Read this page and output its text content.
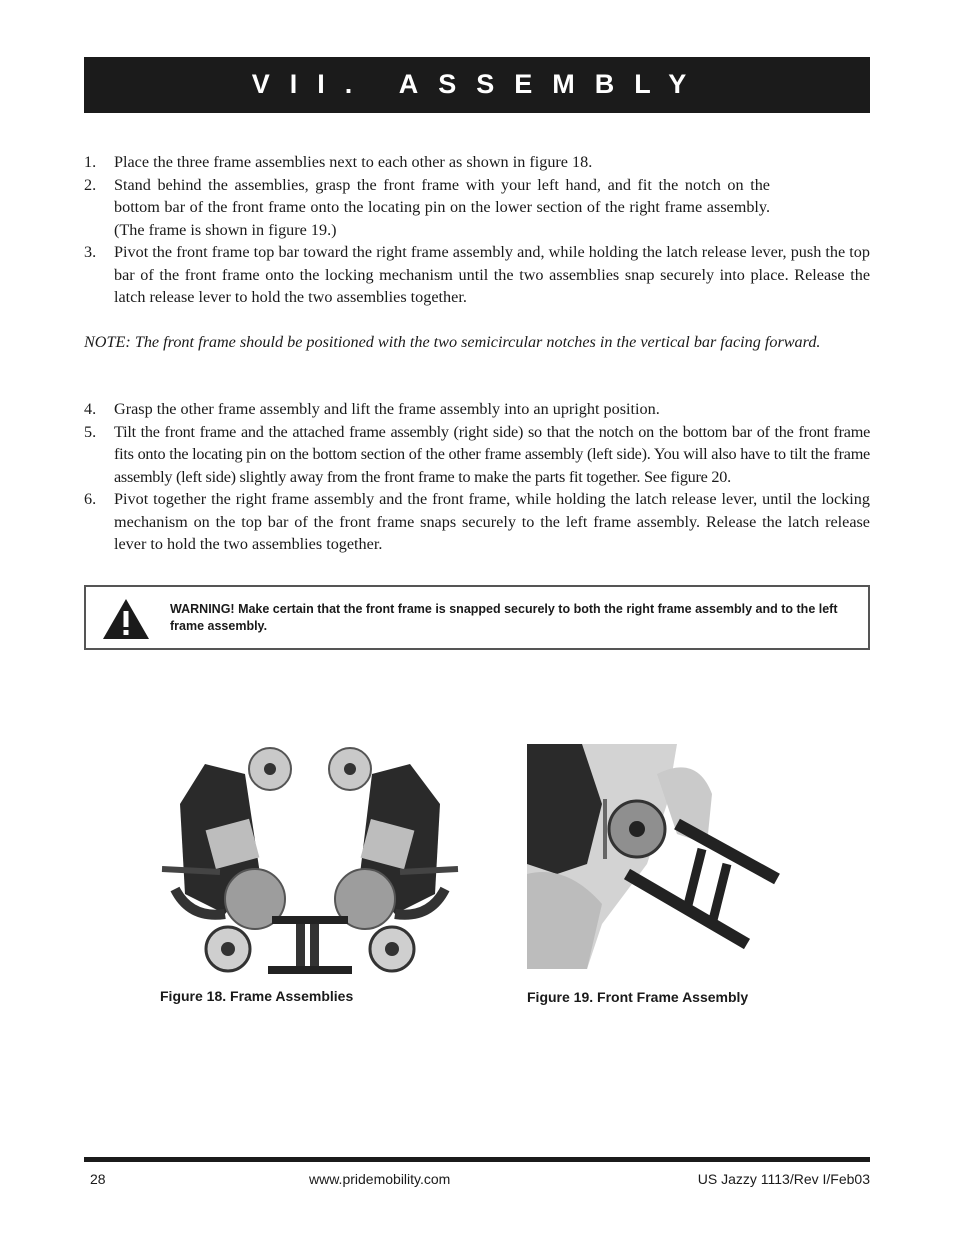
VII. ASSEMBLY
1. Place the three frame assemblies next to each other as shown in figure 18.
2. Stand behind the assemblies, grasp the front frame with your left hand, and fit the notch on the bottom bar of the front frame onto the locating pin on the lower section of the right frame assembly. (The frame is shown in figure 19.)
3. Pivot the front frame top bar toward the right frame assembly and, while holding the latch release lever, push the top bar of the front frame onto the locking mechanism until the two assemblies snap securely into place. Release the latch release lever to hold the two assemblies together.
NOTE: The front frame should be positioned with the two semicircular notches in the vertical bar facing forward.
4. Grasp the other frame assembly and lift the frame assembly into an upright position.
5. Tilt the front frame and the attached frame assembly (right side) so that the notch on the bottom bar of the front frame fits onto the locating pin on the bottom section of the other frame assembly (left side). You will also have to tilt the frame assembly (left side) slightly away from the front frame to make the parts fit together. See figure 20.
6. Pivot together the right frame assembly and the front frame, while holding the latch release lever, until the locking mechanism on the top bar of the front frame snaps securely to the left frame assembly. Release the latch release lever to hold the two assemblies together.
WARNING! Make certain that the front frame is snapped securely to both the right frame assembly and to the left frame assembly.
Figure 18. Frame Assemblies	Figure 19. Front Frame Assembly
28	www.pridemobility.com	US Jazzy 1113/Rev I/Feb03
